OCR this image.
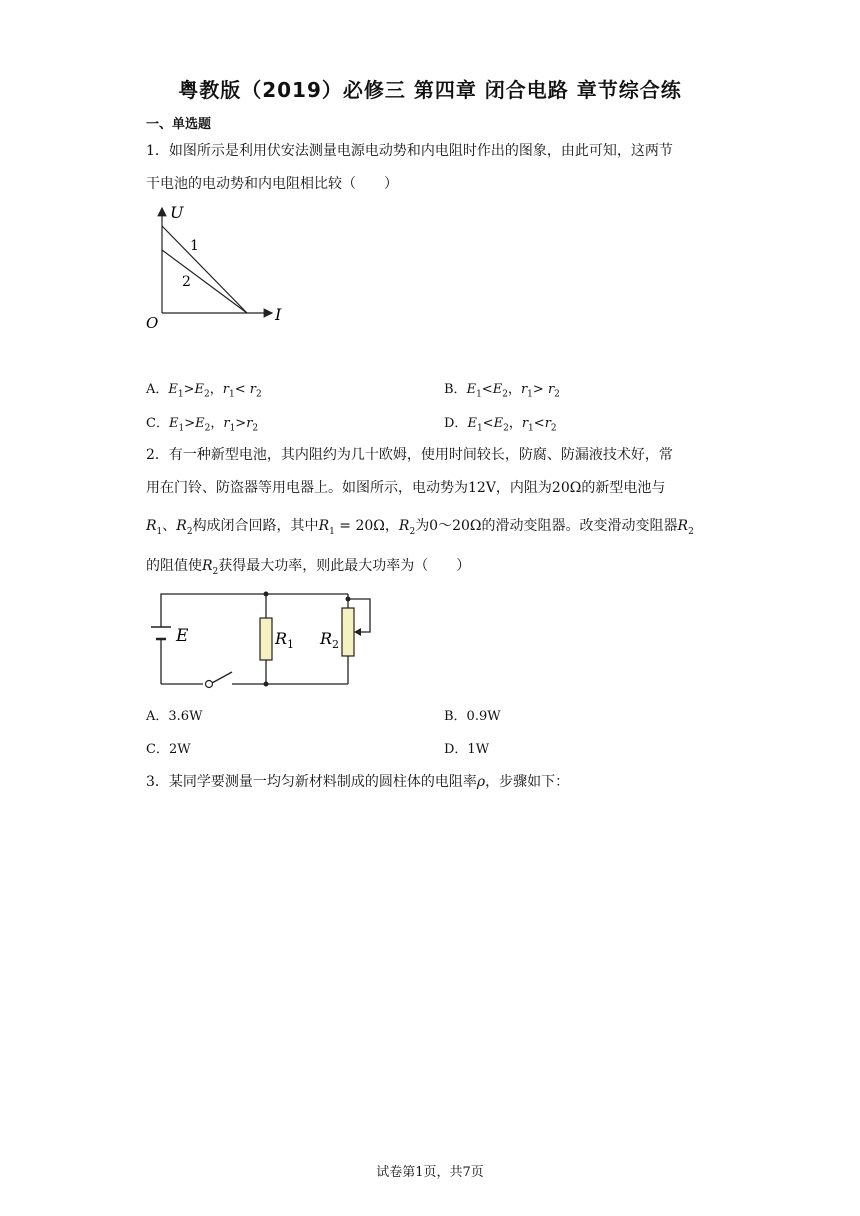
粤教版（2019）必修三 第四章 闭合电路 章节综合练
一、单选题
1．如图所示是利用伏安法测量电源电动势和内电阻时作出的图象，由此可知，这两节
干电池的电动势和内电阻相比较（　　）
U
I
O
1
2
A．$E_1>E_2$，$r_1< r_2$	B．$E_1<E_2$，$r_1> r_2$
C．$E_1>E_2$，$r_1>r_2$	D．$E_1<E_2$，$r_1<r_2$
2．有一种新型电池，其内阻约为几十欧姆，使用时间较长，防腐、防漏液技术好，常
用在门铃、防盗器等用电器上。如图所示，电动势为12V，内阻为20Ω的新型电池与
$R_1$、$R_2$构成闭合回路，其中$R_1 = 20\Omega$，$R_2$为0～20Ω的滑动变阻器。改变滑动变阻器$R_2$
的阻值使$R_2$获得最大功率，则此最大功率为（　　）
E	$R_1$ $R_2$
A．3.6W	B．0.9W
C．2W	D．1W
3．某同学要测量一均匀新材料制成的圆柱体的电阻率ρ，步骤如下：
试卷第1页，共7页
